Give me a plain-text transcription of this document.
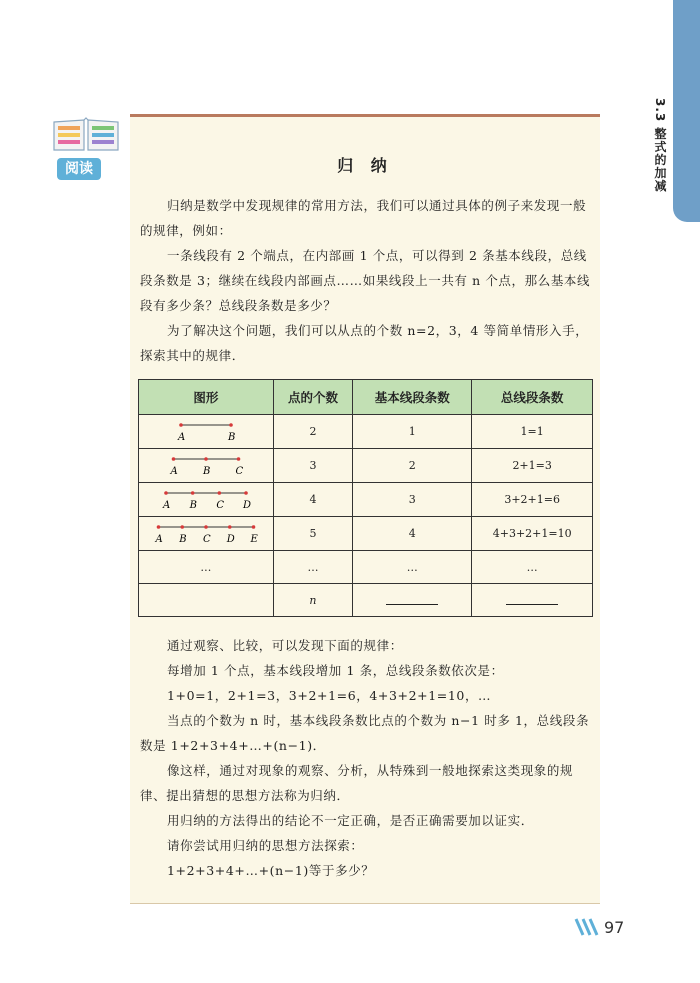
3.3 整式的加减
阅读	归 纳

归纳是数学中发现规律的常用方法，我们可以通过具体的例子来发现一般的规律，例如：

一条线段有 2 个端点，在内部画 1 个点，可以得到 2 条基本线段，总线段条数是 3；继续在线段内部画点……如果线段上一共有 n 个点，那么基本线段有多少条？总线段条数是多少？

为了解决这个问题，我们可以从点的个数 n=2，3，4 等简单情形入手，探索其中的规律．

图形	点的个数	基本线段条数	总线段条数

A B	2	1	1=1

A B C	3	2	2+1=3

A B C D	4	3	3+2+1=6

A B C D E	5	4	4+3+2+1=10
…	…	…	…
	n		

通过观察、比较，可以发现下面的规律：

每增加 1 个点，基本线段增加 1 条，总线段条数依次是：

1+0=1，2+1=3，3+2+1=6，4+3+2+1=10，…

当点的个数为 n 时，基本线段条数比点的个数为 n−1 时多 1，总线段条数是 1+2+3+4+…+(n−1)．

像这样，通过对现象的观察、分析，从特殊到一般地探索这类现象的规律、提出猜想的思想方法称为归纳．

用归纳的方法得出的结论不一定正确，是否正确需要加以证实．

请你尝试用归纳的思想方法探索：

1+2+3+4+…+(n−1)等于多少？

97
